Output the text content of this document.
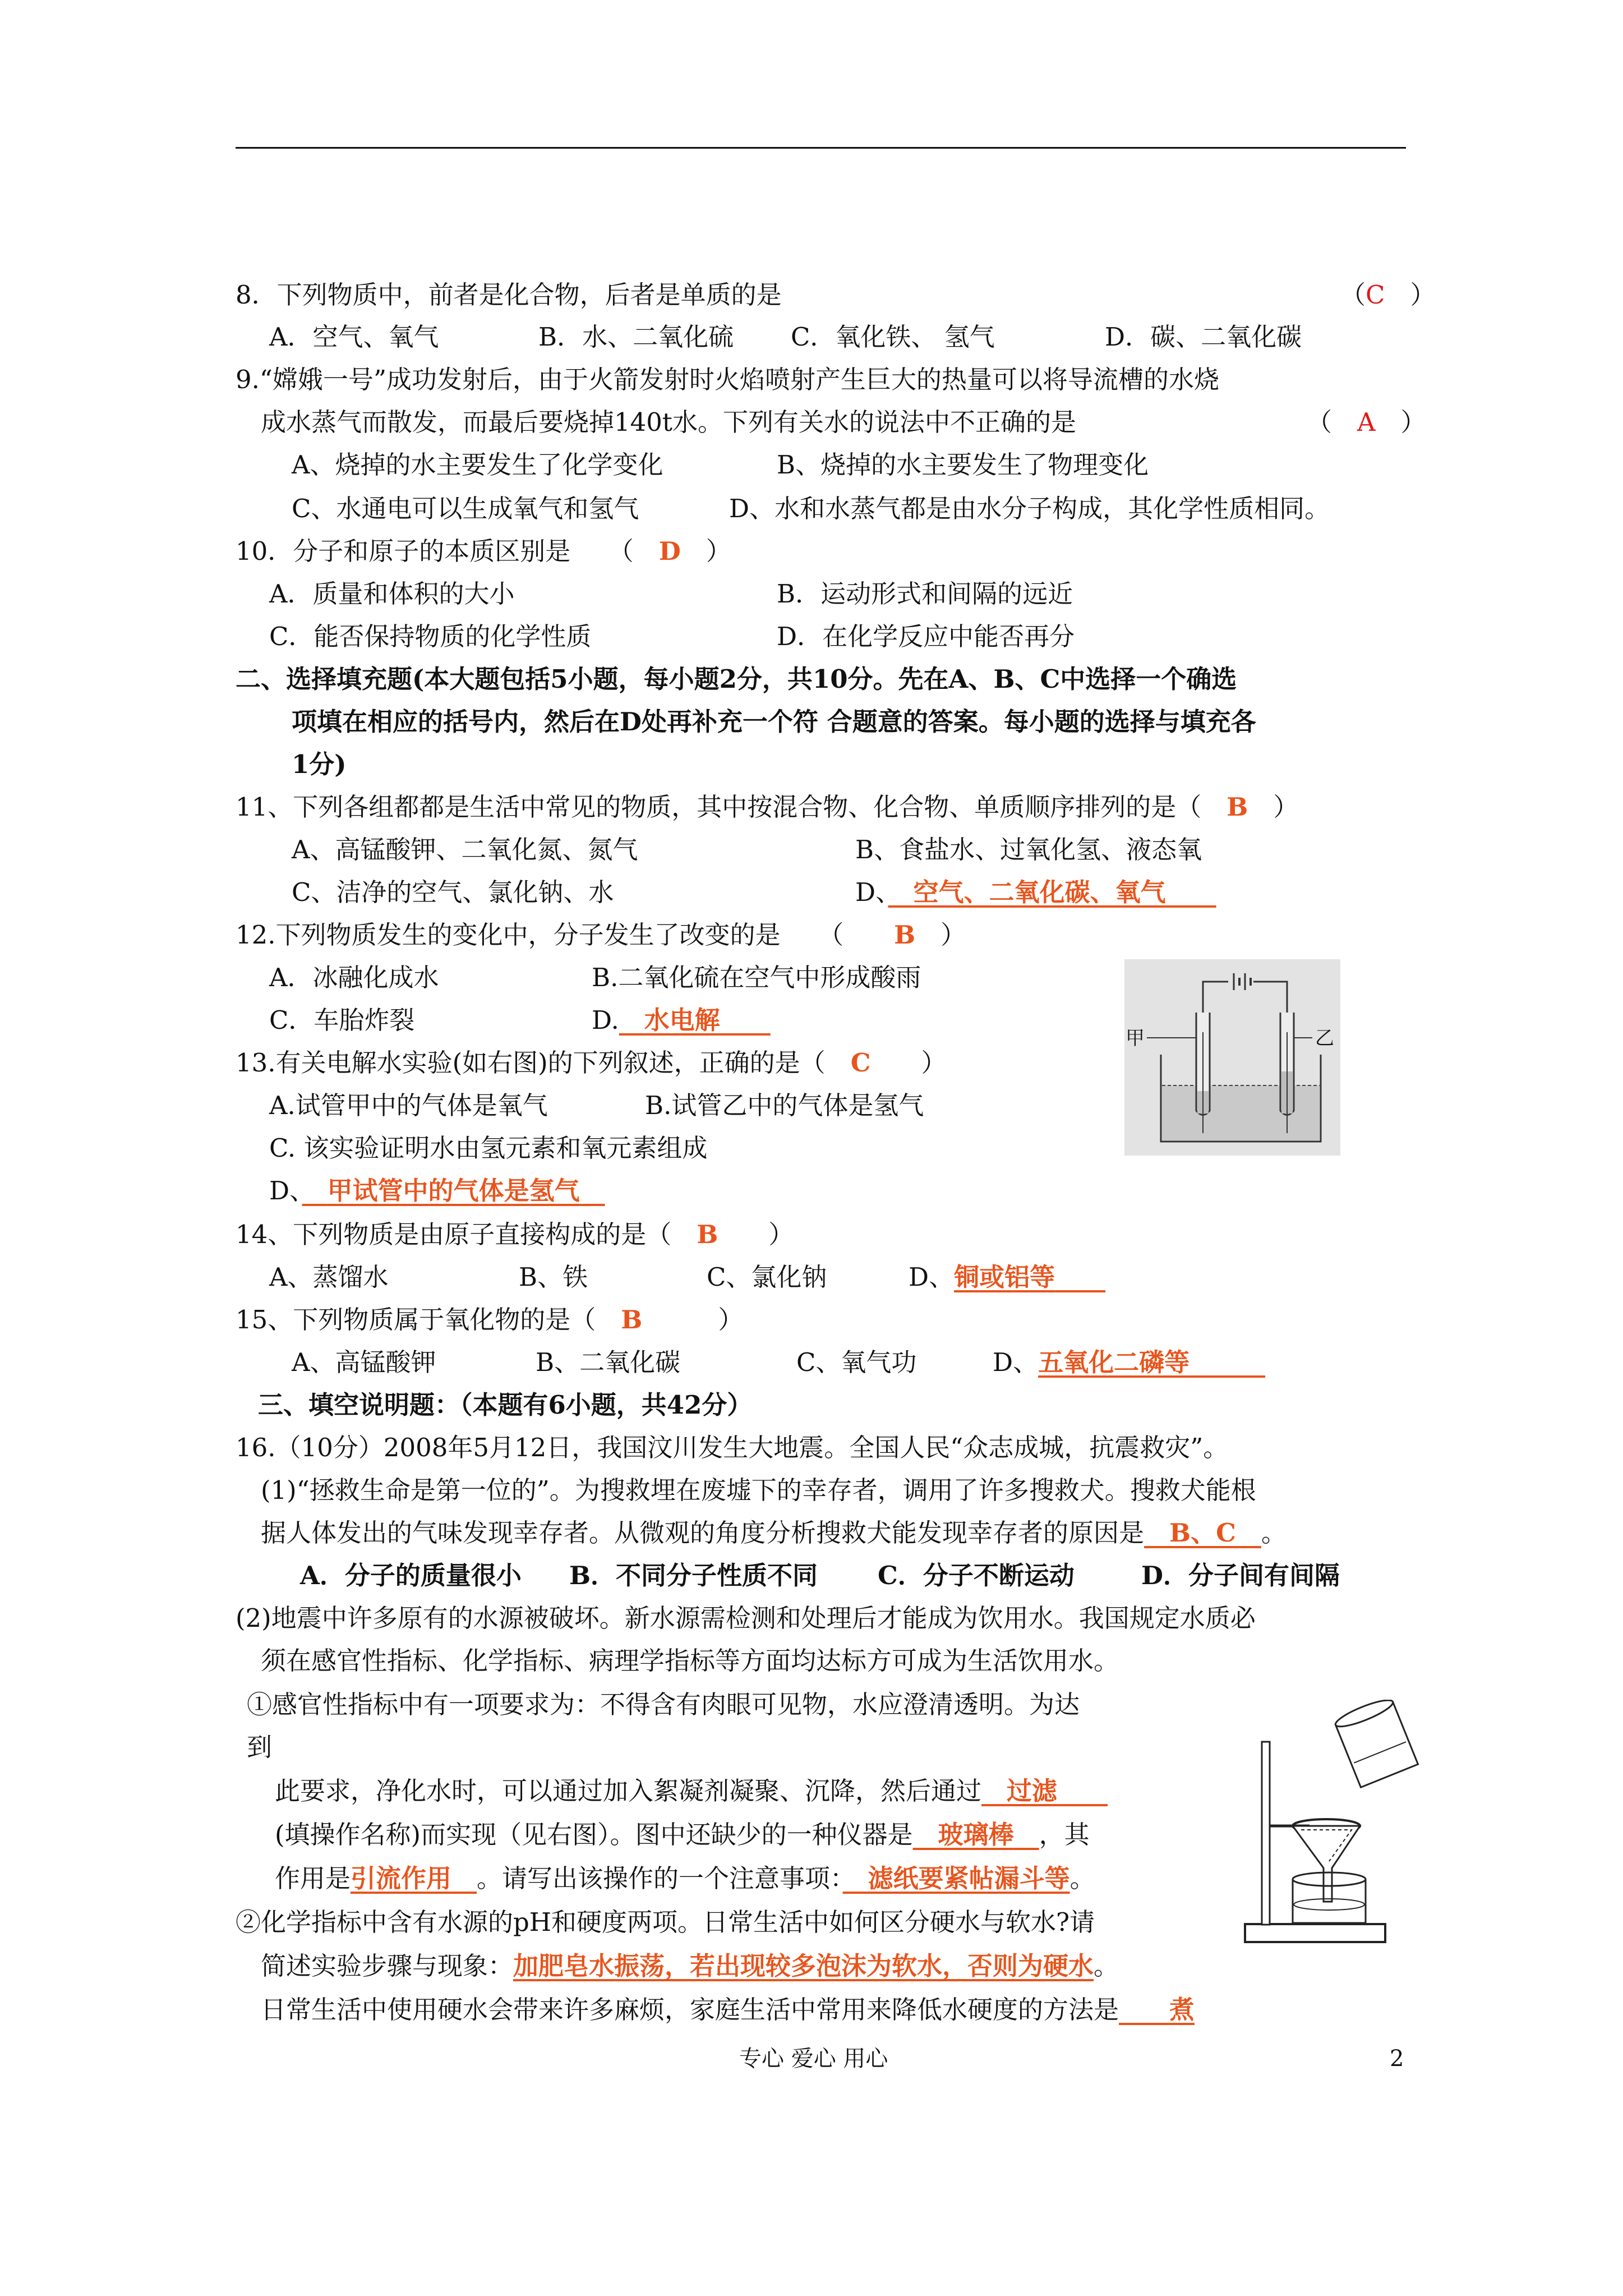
8．下列物质中，前者是化合物，后者是单质的是	（C　）
A．空气、氧气	B．水、二氧化硫 C．氧化铁、 氢气	D．碳、二氧化碳
9.“嫦娥一号”成功发射后，由于火箭发射时火焰喷射产生巨大的热量可以将导流槽的水烧
成水蒸气而散发，而最后要烧掉140t水。下列有关水的说法中不正确的是	（　 A　 ）
A、烧掉的水主要发生了化学变化	B、烧掉的水主要发生了物理变化
C、水通电可以生成氧气和氢气	D、水和水蒸气都是由水分子构成，其化学性质相同。
10．分子和原子的本质区别是　　 （　 D　 ）
A．质量和体积的大小	B．运动形式和间隔的远近
C．能否保持物质的化学性质	D．在化学反应中能否再分
二、选择填充题(本大题包括5小题，每小题2分，共10分。先在A、B、C中选择一个确选
项填在相应的括号内，然后在D处再补充一个符 合题意的答案。每小题的选择与填充各
1分)
11、下列各组都都是生活中常见的物质，其中按混合物、化合物、单质顺序排列的是（　 B　 ）
A、高锰酸钾、二氧化氮、氮气	B、食盐水、过氧化氢、液态氧
C、洁净的空气、氯化钠、水	D、　 空气、二氧化碳、氧气　　
12.下列物质发生的变化中，分子发生了改变的是　　 （　　 B　 ）
A．冰融化成水	B.二氧化硫在空气中形成酸雨
C．车胎炸裂	D.　 水电解　　
13.有关电解水实验(如右图)的下列叙述，正确的是（　 C　　 ）
A.试管甲中的气体是氧气	B.试管乙中的气体是氢气
C. 该实验证明水由氢元素和氧元素组成
D、　 甲试管中的气体是氢气　
甲	乙
14、下列物质是由原子直接构成的是（　 B　　 ）
A、蒸馏水	B、铁	C、氯化钠	D、铜或铝等　　
15、下列物质属于氧化物的是（　 B　　　	）
A、高锰酸钾	B、二氧化碳	C、氧气功	D、五氧化二磷等　　　
三、填空说明题：（本题有6小题，共42分）
16.（10分）2008年5月12日，我国汶川发生大地震。全国人民“众志成城，抗震救灾”。
(1)“拯救生命是第一位的”。为搜救埋在废墟下的幸存者，调用了许多搜救犬。搜救犬能根
据人体发出的气味发现幸存者。从微观的角度分析搜救犬能发现幸存者的原因是　 B、C　 。
A．分子的质量很小 B．不同分子性质不同 C．分子不断运动	D．分子间有间隔
(2)地震中许多原有的水源被破坏。新水源需检测和处理后才能成为饮用水。我国规定水质必
须在感官性指标、化学指标、病理学指标等方面均达标方可成为生活饮用水。
①感官性指标中有一项要求为：不得含有肉眼可见物，水应澄清透明。为达
到
此要求，净化水时，可以通过加入絮凝剂凝聚、沉降，然后通过　 过滤　　
(填操作名称)而实现（见右图）。图中还缺少的一种仪器是　 玻璃棒　 ，其
作用是引流作用　 。请写出该操作的一个注意事项：　 滤纸要紧帖漏斗等。
②化学指标中含有水源的pH和硬度两项。日常生活中如何区分硬水与软水?请
简述实验步骤与现象：加肥皂水振荡，若出现较多泡沫为软水，否则为硬水。
日常生活中使用硬水会带来许多麻烦，家庭生活中常用来降低水硬度的方法是　　 煮
专心 爱心 用心	2
